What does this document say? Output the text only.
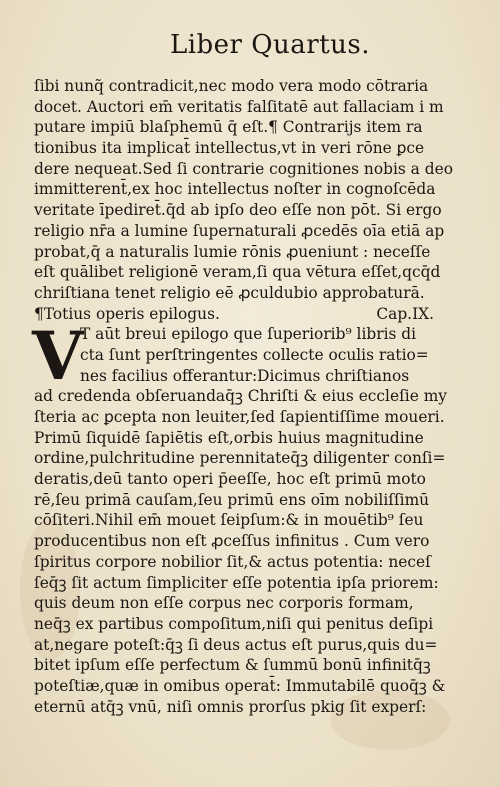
Liber Quartus.
ſibi nunq̃ contradicit,nec modo vera modo cōtraria
docet. Auctori em̄ veritatis falſitatē aut fallaciam i m
putare impiū blaſphemū q̄ eſt.¶ Contrarijs item ra
tionibus ita implicat̄ intellectus,vt in veri rōne ꝑce
dere nequeat.Sed ſi contrarie cognitiones nobis a deo
immitterent̄,ex hoc intellectus noſter in cognoſcēda
veritate īpediret̄.q̄d ab ipſo deo eſſe non pōt. Si ergo
religio nr̄a a lumine ſupernaturali ꝓcedēs oīa etiā ap
probat,q̄ a naturalis lumie rōnis ꝓueniunt : neceſſe
eſt quālibet religionē veram,ſi qua vētura eſſet,qcq̄d
chriſtiana tenet religio eē ꝓculdubio approbaturā.
¶Totius operis epilogus.	Cap.IX.
V
T aūt breui epilogo que ſuperiorib⁹ libris di
cta ſunt perſtringentes collecte oculis ratio=
nes facilius offerantur:Dicimus chriſtianos
ad credenda obſeruandaq̄ꝫ Chriſti & eius eccleſie my
ſteria ac ꝑcepta non leuiter,ſed ſapientiſſime moueri.
Primū ſiquidē ſapiētis eſt,orbis huius magnitudine
ordine,pulchritudine perennitateq̄ꝫ diligenter conſi=
deratis,deū tanto operi p̄eeſſe, hoc eſt primū moto
rē,ſeu primā cauſam,ſeu primū ens oīm nobiliſſimū
cōſiteri.Nihil em̄ mouet ſeipſum:& in mouētib⁹ ſeu
producentibus non eſt ꝓceſſus infinitus . Cum vero
ſpiritus corpore nobilior ſit,& actus potentia: neceſ
ſeq̄ꝫ ſit actum ſimpliciter eſſe potentia ipſa priorem:
quis deum non eſſe corpus nec corporis formam,
neq̄ꝫ ex partibus compoſitum,niſi qui penitus deſipi
at,negare poteſt:q̄ꝫ ſi deus actus eſt purus,quis du=
bitet ipſum eſſe perfectum & ſummū bonū infinitq̄ꝫ
poteſtiæ,quæ in omibus operat̄: Immutabilē quoq̄ꝫ &
eternū atq̄ꝫ vnū, niſi omnis prorſus pkig ſit experſ:
